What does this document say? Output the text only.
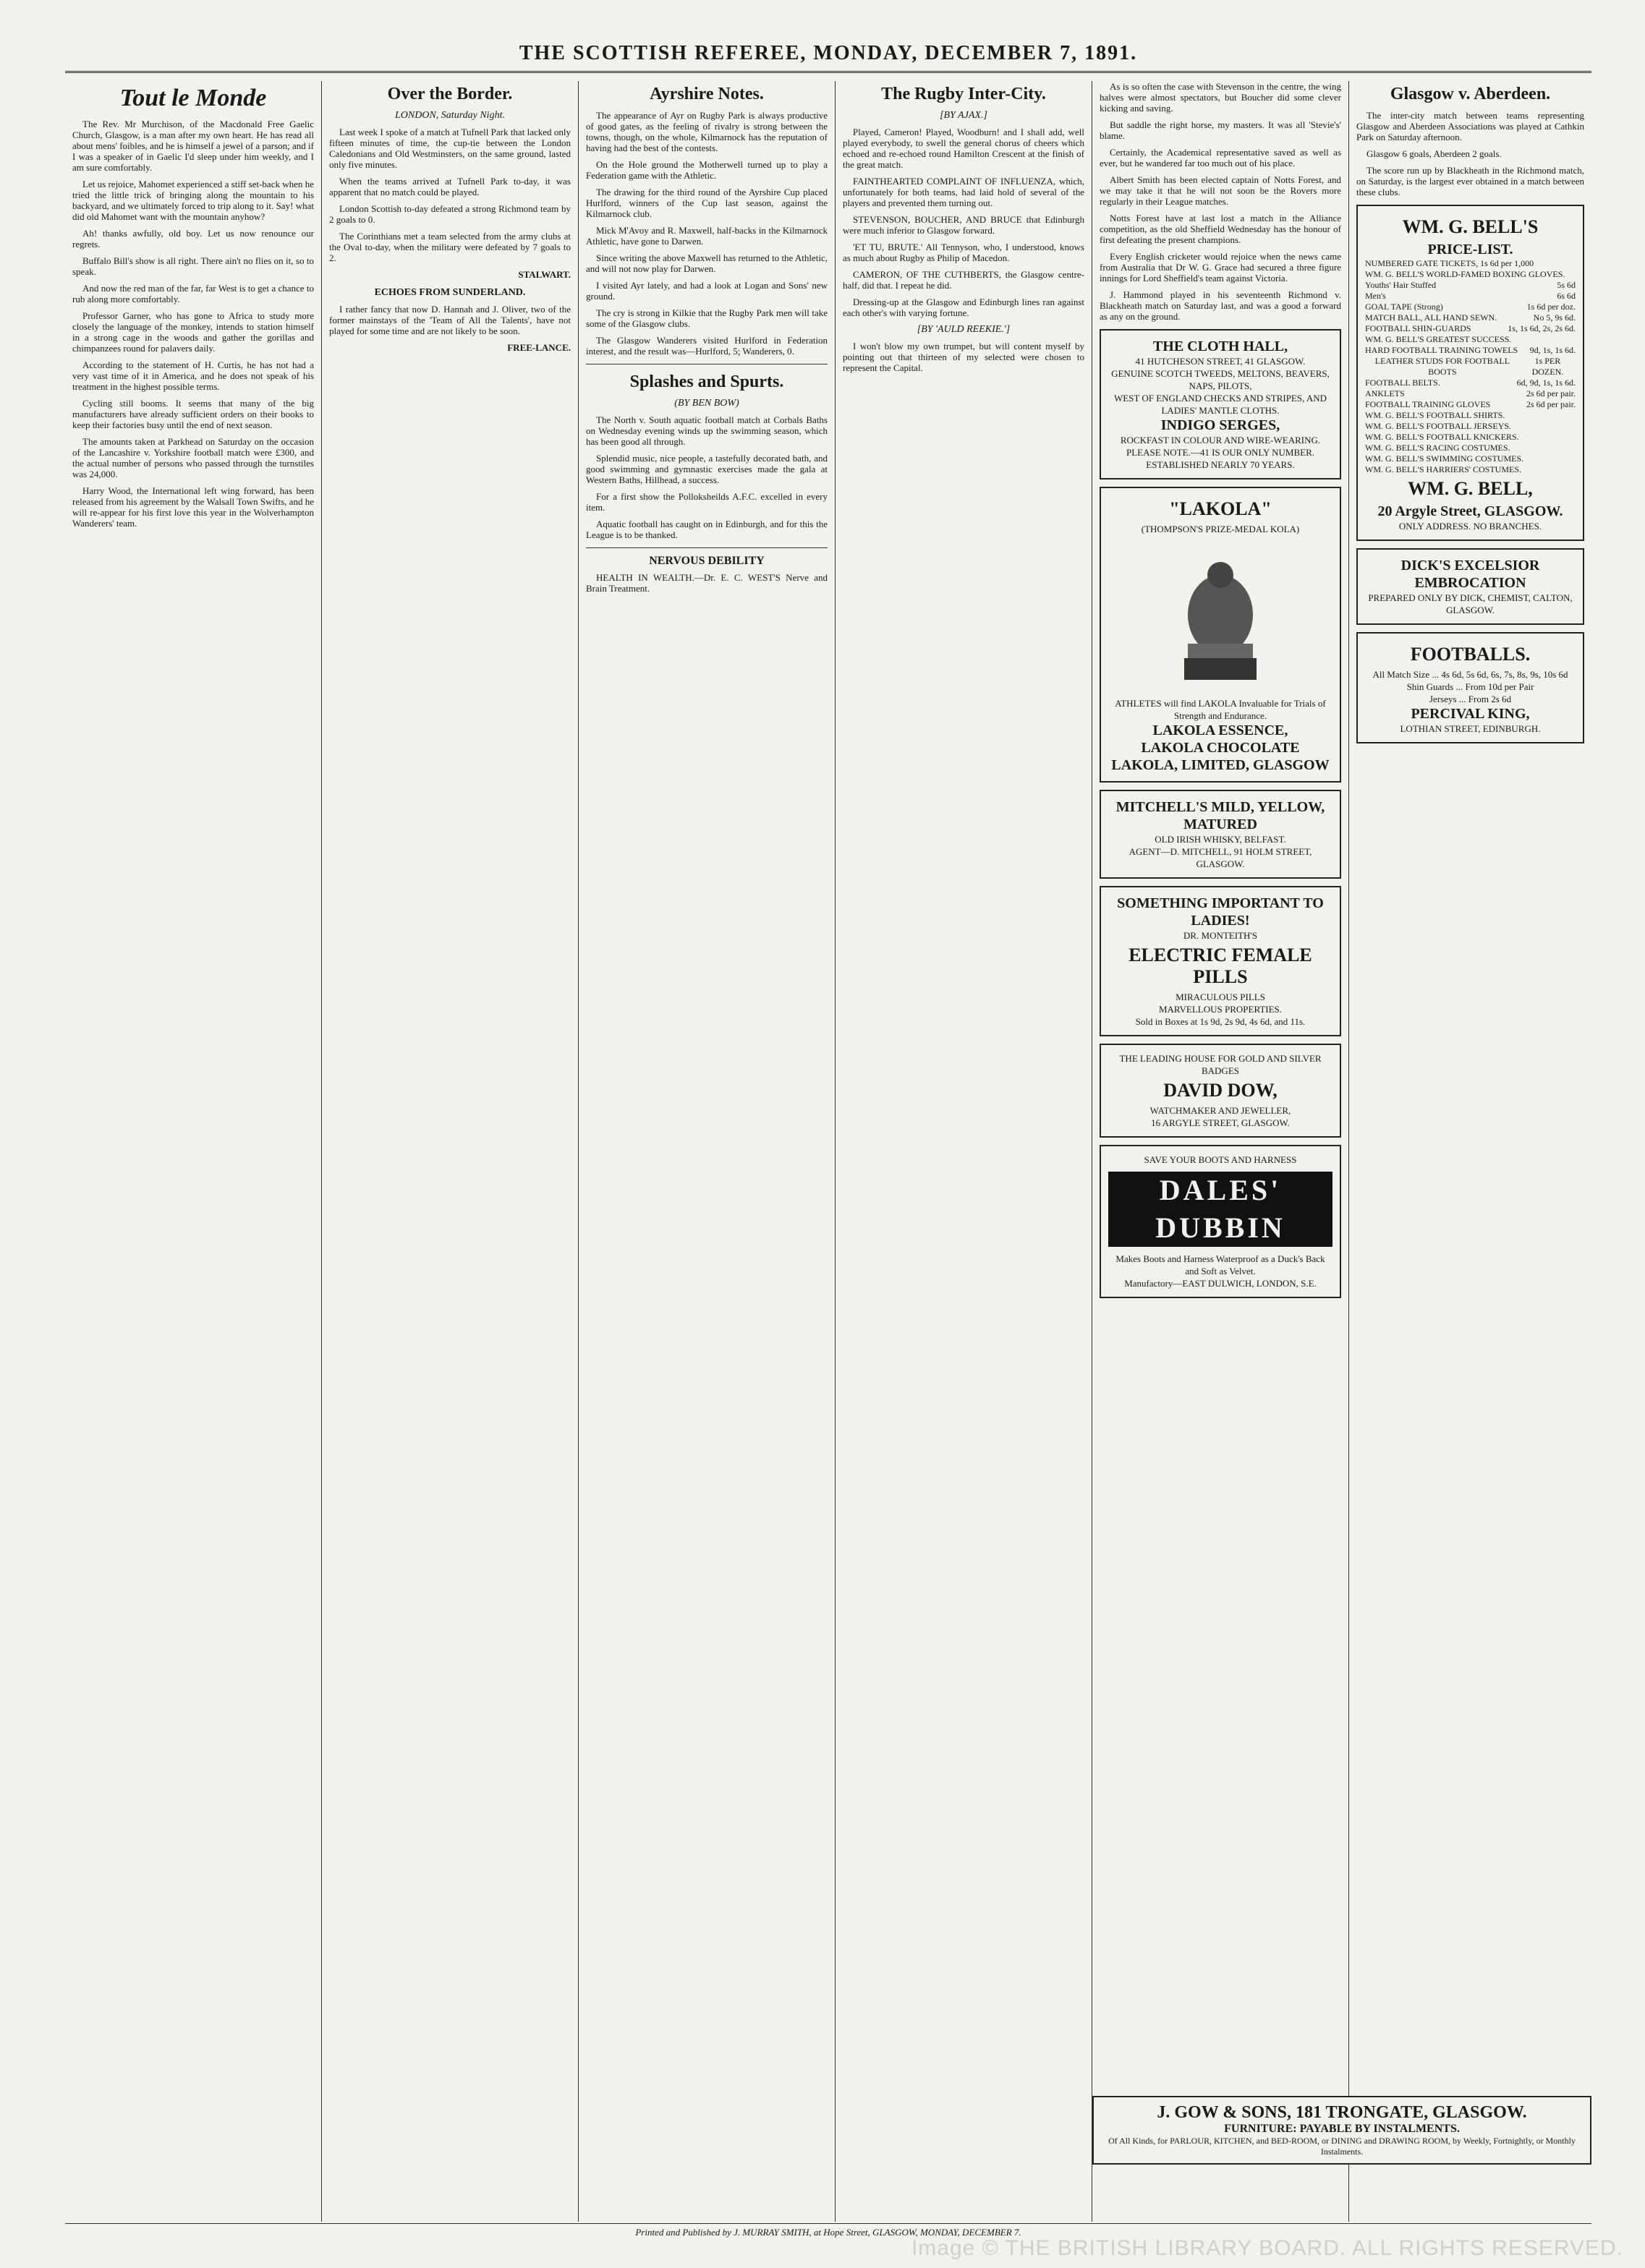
THE SCOTTISH REFEREE, MONDAY, DECEMBER 7, 1891.
Tout le Monde

The Rev. Mr Murchison, of the Macdonald Free Gaelic Church, Glasgow, is a man after my own heart. He has read all about mens' foibles, and he is himself a jewel of a parson; and if I was a speaker of in Gaelic I'd sleep under him weekly, and I am sure comfortably.

Let us rejoice, Mahomet experienced a stiff set-back when he tried the little trick of bringing along the mountain to his backyard, and we ultimately forced to trip along to it. Say! what did old Mahomet want with the mountain anyhow?

Ah! thanks awfully, old boy. Let us now renounce our regrets.

Buffalo Bill's show is all right. There ain't no flies on it, so to speak.

And now the red man of the far, far West is to get a chance to rub along more comfortably.

Professor Garner, who has gone to Africa to study more closely the language of the monkey, intends to station himself in a strong cage in the woods and gather the gorillas and chimpanzees round for palavers daily.

According to the statement of H. Curtis, he has not had a very vast time of it in America, and he does not speak of his treatment in the highest possible terms.

Cycling still booms. It seems that many of the big manufacturers have already sufficient orders on their books to keep their factories busy until the end of next season.

The amounts taken at Parkhead on Saturday on the occasion of the Lancashire v. Yorkshire football match were £300, and the actual number of persons who passed through the turnstiles was 24,000.

Harry Wood, the International left wing forward, has been released from his agreement by the Walsall Town Swifts, and he will re-appear for his first love this year in the Wolverhampton Wanderers' team.

Over the Border.
LONDON, Saturday Night.

Last week I spoke of a match at Tufnell Park that lacked only fifteen minutes of time, the cup-tie between the London Caledonians and Old Westminsters, on the same ground, lasted only five minutes.

When the teams arrived at Tufnell Park to-day, it was apparent that no match could be played.

London Scottish to-day defeated a strong Richmond team by 2 goals to 0.

The Corinthians met a team selected from the army clubs at the Oval to-day, when the military were defeated by 7 goals to 2.

STALWART.
ECHOES FROM SUNDERLAND.

I rather fancy that now D. Hannah and J. Oliver, two of the former mainstays of the 'Team of All the Talents', have not played for some time and are not likely to be soon.

FREE-LANCE.
Ayrshire Notes.

The appearance of Ayr on Rugby Park is always productive of good gates, as the feeling of rivalry is strong between the towns, though, on the whole, Kilmarnock has the reputation of having had the best of the contests.

On the Hole ground the Motherwell turned up to play a Federation game with the Athletic.

The drawing for the third round of the Ayrshire Cup placed Hurlford, winners of the Cup last season, against the Kilmarnock club.

Mick M'Avoy and R. Maxwell, half-backs in the Kilmarnock Athletic, have gone to Darwen.

Since writing the above Maxwell has returned to the Athletic, and will not now play for Darwen.

I visited Ayr lately, and had a look at Logan and Sons' new ground.

The cry is strong in Kilkie that the Rugby Park men will take some of the Glasgow clubs.

The Glasgow Wanderers visited Hurlford in Federation interest, and the result was—Hurlford, 5; Wanderers, 0.

Splashes and Spurts.
(BY BEN BOW)

The North v. South aquatic football match at Corbals Baths on Wednesday evening winds up the swimming season, which has been good all through.

Splendid music, nice people, a tastefully decorated bath, and good swimming and gymnastic exercises made the gala at Western Baths, Hillhead, a success.

For a first show the Polloksheilds A.F.C. excelled in every item.

Aquatic football has caught on in Edinburgh, and for this the League is to be thanked.

NERVOUS DEBILITY

HEALTH IN WEALTH.—Dr. E. C. WEST'S Nerve and Brain Treatment.

The Rugby Inter-City.
[BY AJAX.]

Played, Cameron! Played, Woodburn! and I shall add, well played everybody, to swell the general chorus of cheers which echoed and re-echoed round Hamilton Crescent at the finish of the great match.

FAINTHEARTED COMPLAINT OF INFLUENZA, which, unfortunately for both teams, had laid hold of several of the players and prevented them turning out.

STEVENSON, BOUCHER, AND BRUCE that Edinburgh were much inferior to Glasgow forward.

'ET TU, BRUTE.' All Tennyson, who, I understood, knows as much about Rugby as Philip of Macedon.

CAMERON, OF THE CUTHBERTS, the Glasgow centre-half, did that. I repeat he did.

Dressing-up at the Glasgow and Edinburgh lines ran against each other's with varying fortune.

[BY 'AULD REEKIE.']

I won't blow my own trumpet, but will content myself by pointing out that thirteen of my selected were chosen to represent the Capital.

As is so often the case with Stevenson in the centre, the wing halves were almost spectators, but Boucher did some clever kicking and saving.

But saddle the right horse, my masters. It was all 'Stevie's' blame.

Certainly, the Academical representative saved as well as ever, but he wandered far too much out of his place.

Albert Smith has been elected captain of Notts Forest, and we may take it that he will not soon be the Rovers more regularly in their League matches.

Notts Forest have at last lost a match in the Alliance competition, as the old Sheffield Wednesday has the honour of first defeating the present champions.

Every English cricketer would rejoice when the news came from Australia that Dr W. G. Grace had secured a three figure innings for Lord Sheffield's team against Victoria.

J. Hammond played in his seventeenth Richmond v. Blackheath match on Saturday last, and was a good a forward as any on the ground.

THE CLOTH HALL,
41 HUTCHESON STREET, 41 GLASGOW.
GENUINE SCOTCH TWEEDS, MELTONS, BEAVERS, NAPS, PILOTS,
WEST OF ENGLAND CHECKS AND STRIPES, AND LADIES' MANTLE CLOTHS.
INDIGO SERGES,
ROCKFAST IN COLOUR AND WIRE-WEARING.
PLEASE NOTE.—41 IS OUR ONLY NUMBER. ESTABLISHED NEARLY 70 YEARS.
"LAKOLA"
(THOMPSON'S PRIZE-MEDAL KOLA)
ATHLETES will find LAKOLA Invaluable for Trials of Strength and Endurance.
LAKOLA ESSENCE,
LAKOLA CHOCOLATE
LAKOLA, LIMITED, GLASGOW
MITCHELL'S MILD, YELLOW, MATURED
OLD IRISH WHISKY, BELFAST.
AGENT—D. MITCHELL, 91 HOLM STREET, GLASGOW.
SOMETHING IMPORTANT TO LADIES!
DR. MONTEITH'S
ELECTRIC FEMALE PILLS
MIRACULOUS PILLS
MARVELLOUS PROPERTIES.
Sold in Boxes at 1s 9d, 2s 9d, 4s 6d, and 11s.
THE LEADING HOUSE FOR GOLD AND SILVER BADGES
DAVID DOW,
WATCHMAKER AND JEWELLER,
16 ARGYLE STREET, GLASGOW.
SAVE YOUR BOOTS AND HARNESS
DALES' DUBBIN
Makes Boots and Harness Waterproof as a Duck's Back and Soft as Velvet.
Manufactory—EAST DULWICH, LONDON, S.E.
Glasgow v. Aberdeen.

The inter-city match between teams representing Glasgow and Aberdeen Associations was played at Cathkin Park on Saturday afternoon.

Glasgow 6 goals, Aberdeen 2 goals.

The score run up by Blackheath in the Richmond match, on Saturday, is the largest ever obtained in a match between these clubs.

WM. G. BELL'S
PRICE-LIST.
NUMBERED GATE TICKETS, 1s 6d per 1,000
WM. G. BELL'S WORLD-FAMED BOXING GLOVES.
Youths' Hair Stuffed	5s 6d
Men's	6s 6d
GOAL TAPE (Strong)	1s 6d per doz.
MATCH BALL, ALL HAND SEWN.	No 5, 9s 6d.
FOOTBALL SHIN-GUARDS	1s, 1s 6d, 2s, 2s 6d.
WM. G. BELL'S GREATEST SUCCESS.
HARD FOOTBALL TRAINING TOWELS 9d, 1s, 1s 6d.
LEATHER STUDS FOR FOOTBALL BOOTS
1s PER DOZEN.
FOOTBALL BELTS.	6d, 9d, 1s, 1s 6d.
ANKLETS	2s 6d per pair.
FOOTBALL TRAINING GLOVES	2s 6d per pair.
WM. G. BELL'S FOOTBALL SHIRTS.
WM. G. BELL'S FOOTBALL JERSEYS.
WM. G. BELL'S FOOTBALL KNICKERS.
WM. G. BELL'S RACING COSTUMES.
WM. G. BELL'S SWIMMING COSTUMES.
WM. G. BELL'S HARRIERS' COSTUMES.
WM. G. BELL,
20 Argyle Street, GLASGOW.
ONLY ADDRESS. NO BRANCHES.
DICK'S EXCELSIOR EMBROCATION
PREPARED ONLY BY DICK, CHEMIST, CALTON, GLASGOW.
FOOTBALLS.
All Match Size ... 4s 6d, 5s 6d, 6s, 7s, 8s, 9s, 10s 6d
Shin Guards ... From 10d per Pair
Jerseys ... From 2s 6d
PERCIVAL KING,
LOTHIAN STREET, EDINBURGH.
J. GOW & SONS, 181 TRONGATE, GLASGOW.
FURNITURE: PAYABLE BY INSTALMENTS.
Of All Kinds, for PARLOUR, KITCHEN, and BED-ROOM, or DINING and DRAWING ROOM, by Weekly, Fortnightly, or Monthly Instalments.
Printed and Published by J. MURRAY SMITH, at Hope Street, GLASGOW, MONDAY, DECEMBER 7.
Image © THE BRITISH LIBRARY BOARD. ALL RIGHTS RESERVED.
